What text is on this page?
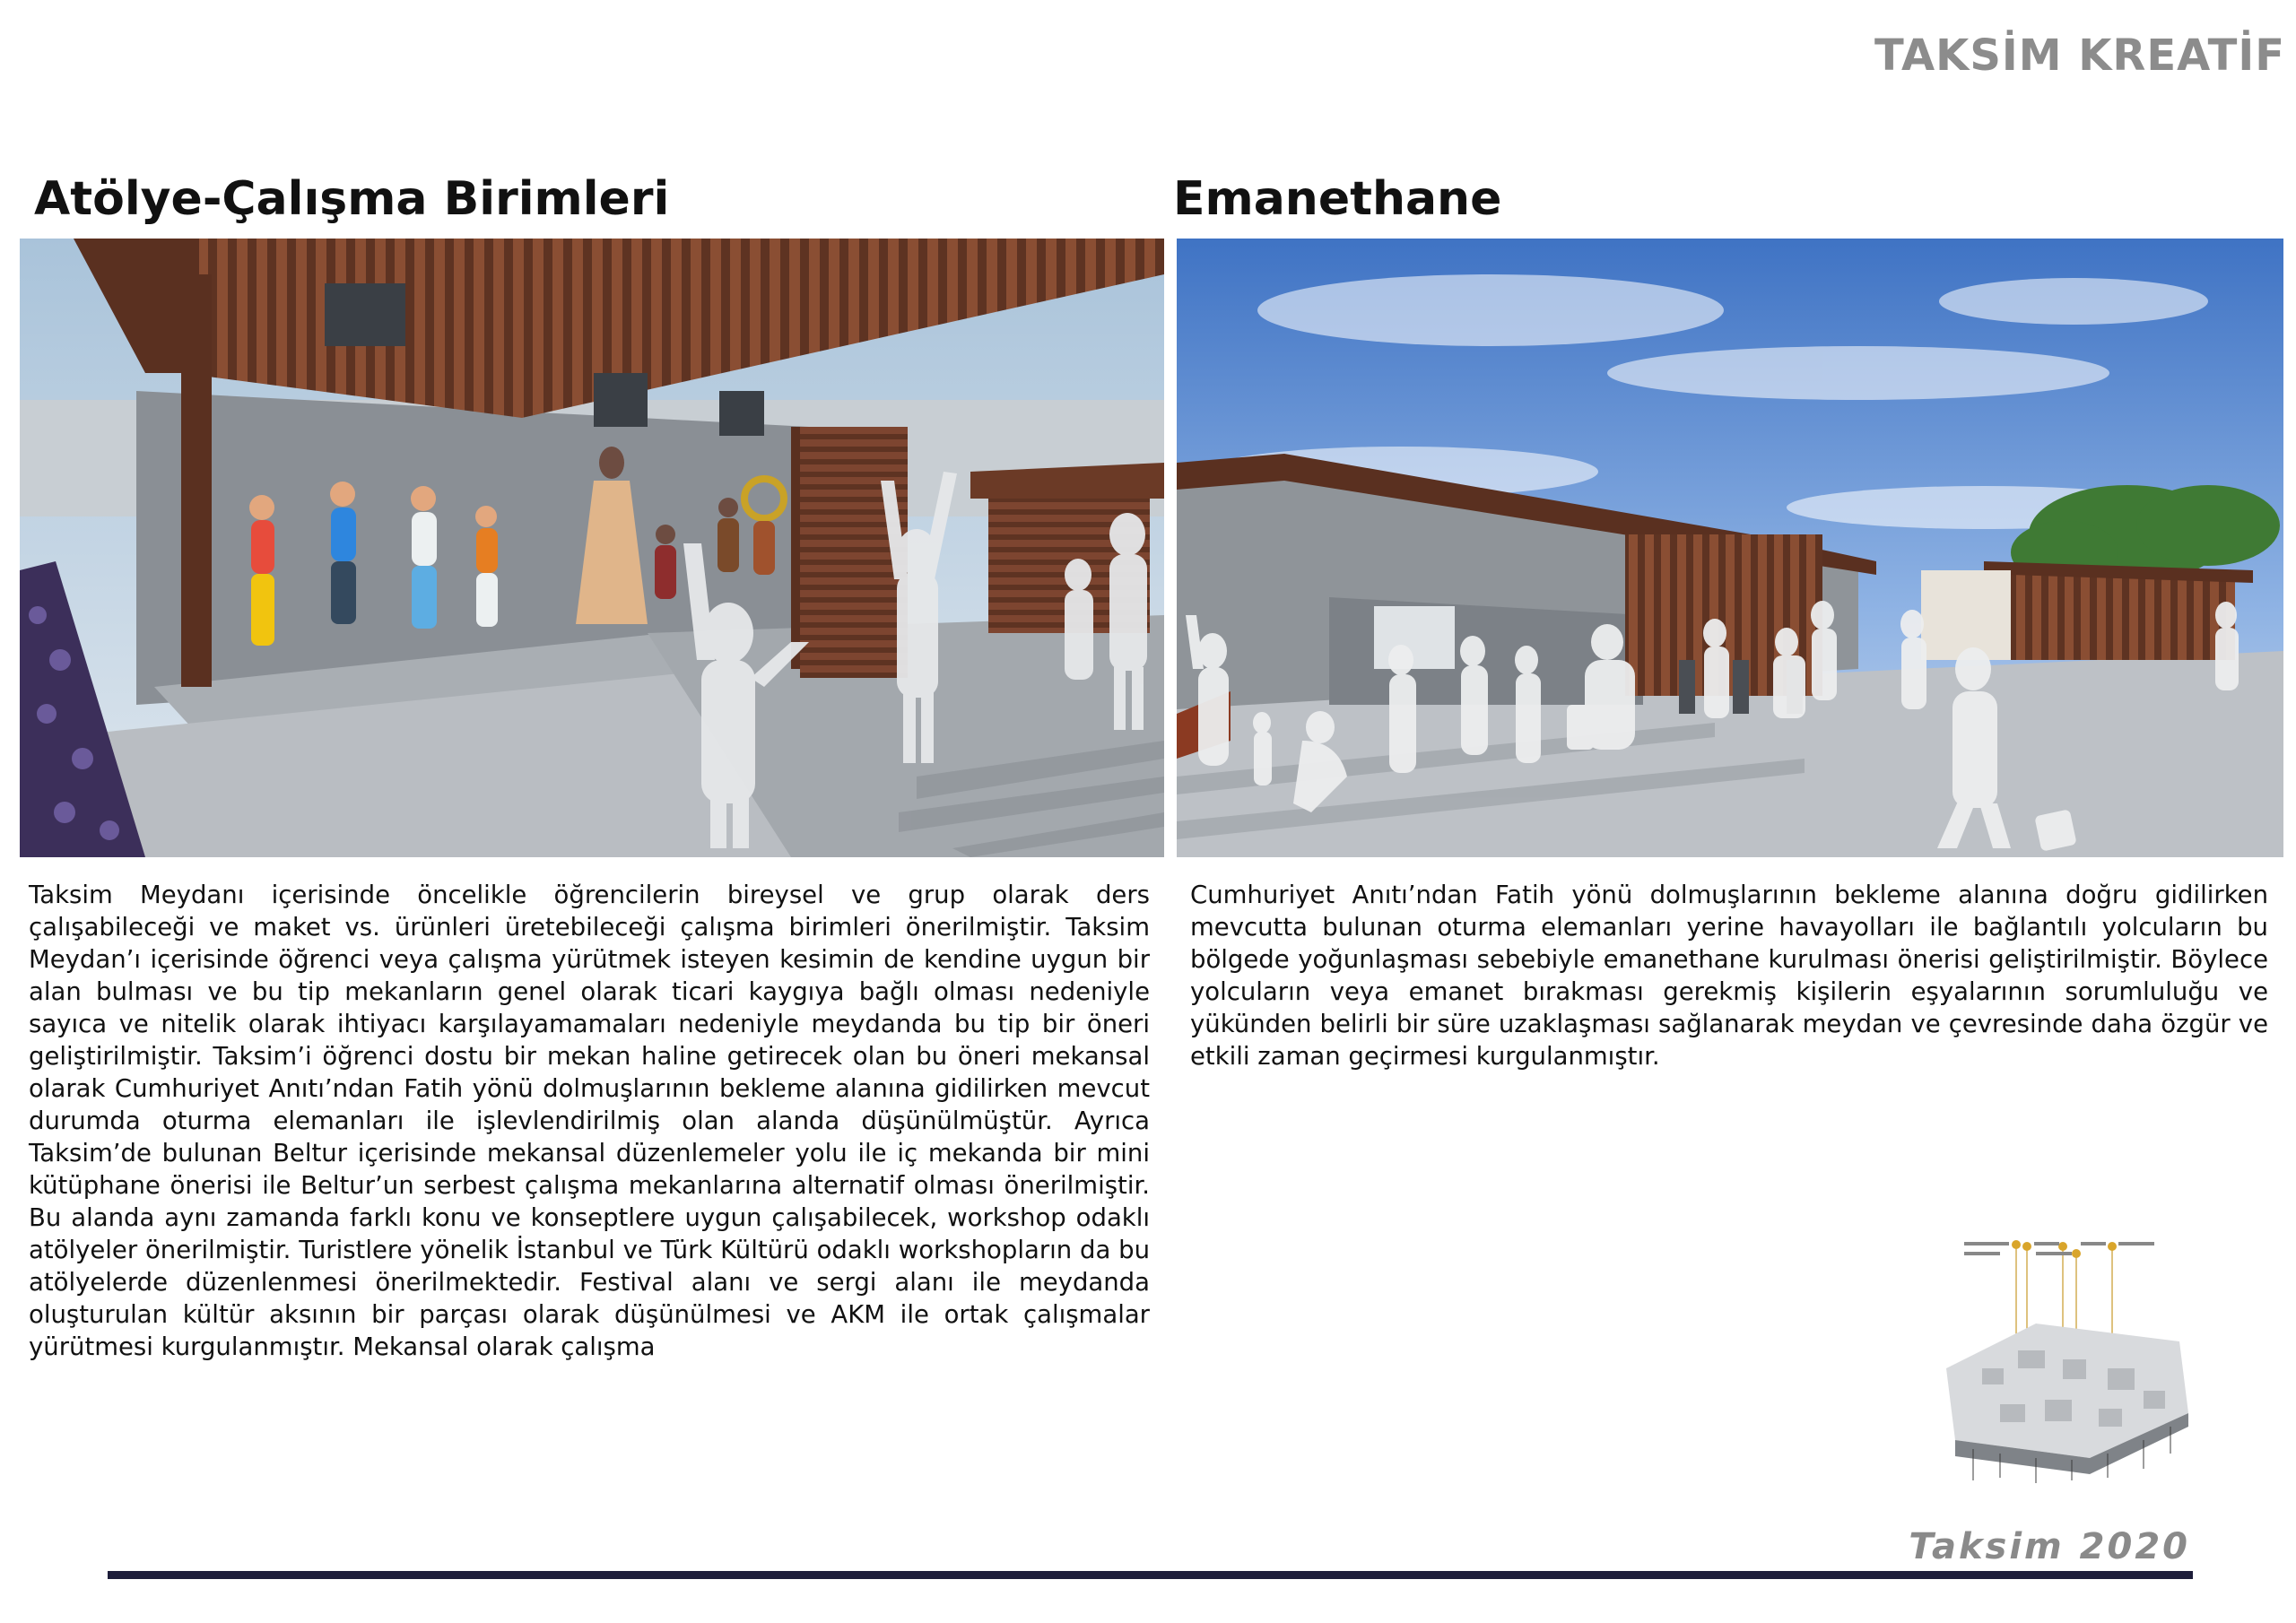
TAKSİM KREATİF
Atölye-Çalışma Birimleri	Emanethane

Taksim Meydanı içerisinde öncelikle öğrencilerin bireysel ve grup olarak ders çalışabileceği ve maket vs. ürünleri üretebileceği çalışma birimleri önerilmiştir. Taksim Meydan’ı içerisinde öğrenci veya çalışma yürütmek isteyen kesimin de kendine uygun bir alan bulması ve bu tip mekanların genel olarak ticari kaygıya bağlı olması nedeniyle sayıca ve nitelik olarak ihtiyacı karşılayamamaları nedeniyle meydanda bu tip bir öneri geliştirilmiştir. Taksim’i öğrenci dostu bir mekan haline getirecek olan bu öneri mekansal olarak Cumhuriyet Anıtı’ndan Fatih yönü dolmuşlarının bekleme alanına gidilirken mevcut durumda oturma elemanları ile işlevlendirilmiş olan alanda düşünülmüştür. Ayrıca Taksim’de bulunan Beltur içerisinde mekansal düzenlemeler yolu ile iç mekanda bir mini kütüphane önerisi ile Beltur’un serbest çalışma mekanlarına alternatif olması önerilmiştir. Bu alanda aynı zamanda farklı konu ve konseptlere uygun çalışabilecek, workshop odaklı atölyeler önerilmiştir. Turistlere yönelik İstanbul ve Türk Kültürü odaklı workshopların da bu atölyelerde düzenlenmesi önerilmektedir. Festival alanı ve sergi alanı ile meydanda oluşturulan kültür aksının bir parçası olarak düşünülmesi ve AKM ile ortak çalışmalar yürütmesi kurgulanmıştır. Mekansal olarak çalışma

Cumhuriyet Anıtı’ndan Fatih yönü dolmuşlarının bekleme alanına doğru gidilirken mevcutta bulunan oturma elemanları yerine havayolları ile bağlantılı yolcuların bu bölgede yoğunlaşması sebebiyle emanethane kurulması önerisi geliştirilmiştir. Böylece yolcuların veya emanet bırakması gerekmiş kişilerin eşyalarının sorumluluğu ve yükünden belirli bir süre uzaklaşması sağlanarak meydan ve çevresinde daha özgür ve etkili zaman geçirmesi kurgulanmıştır.

Taksim 2020
